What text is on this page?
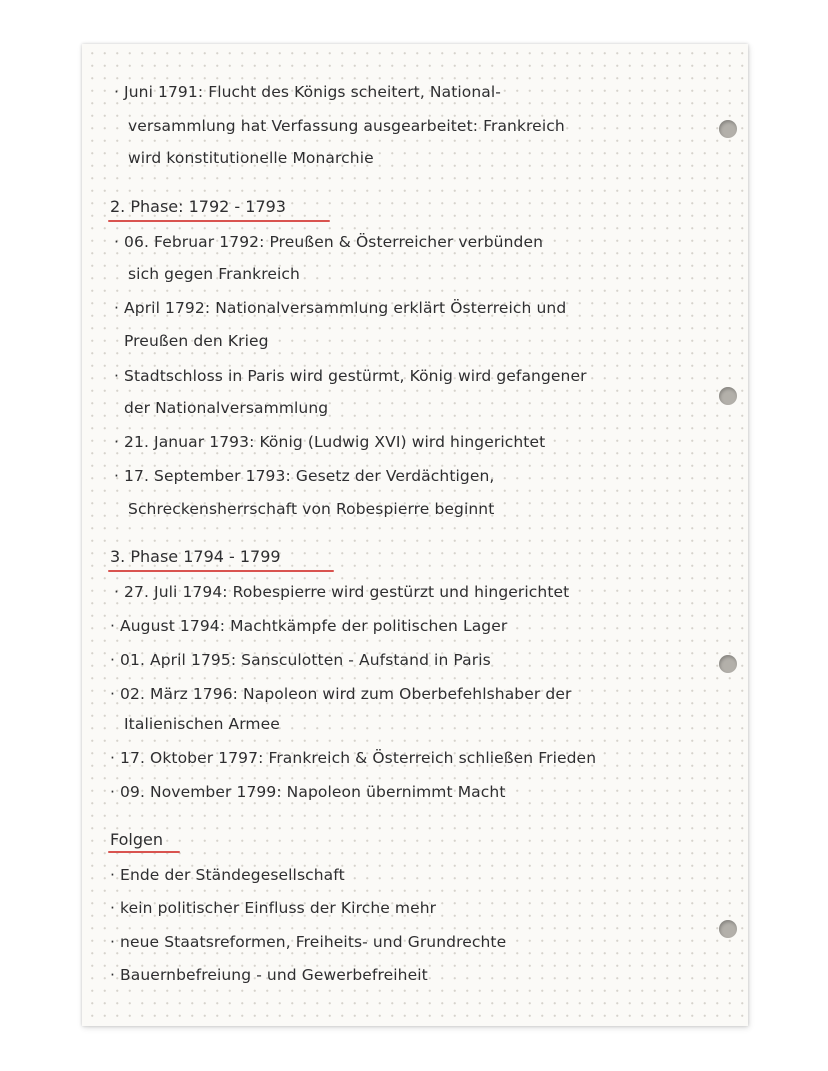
· Juni 1791: Flucht des Königs scheitert, National-
versammlung hat Verfassung ausgearbeitet: Frankreich
wird konstitutionelle Monarchie
2. Phase: 1792 - 1793
· 06. Februar 1792: Preußen & Österreicher verbünden
sich gegen Frankreich
· April 1792: Nationalversammlung erklärt Österreich und
Preußen den Krieg
· Stadtschloss in Paris wird gestürmt, König wird gefangener
der Nationalversammlung
· 21. Januar 1793: König (Ludwig XVI) wird hingerichtet
· 17. September 1793: Gesetz der Verdächtigen,
Schreckensherrschaft von Robespierre beginnt
3. Phase 1794 - 1799
· 27. Juli 1794: Robespierre wird gestürzt und hingerichtet
· August 1794: Machtkämpfe der politischen Lager
· 01. April 1795: Sansculotten - Aufstand in Paris
· 02. März 1796: Napoleon wird zum Oberbefehlshaber der
Italienischen Armee
· 17. Oktober 1797: Frankreich & Österreich schließen Frieden
· 09. November 1799: Napoleon übernimmt Macht
Folgen
· Ende der Ständegesellschaft
· kein politischer Einfluss der Kirche mehr
· neue Staatsreformen, Freiheits- und Grundrechte
· Bauernbefreiung - und Gewerbefreiheit
